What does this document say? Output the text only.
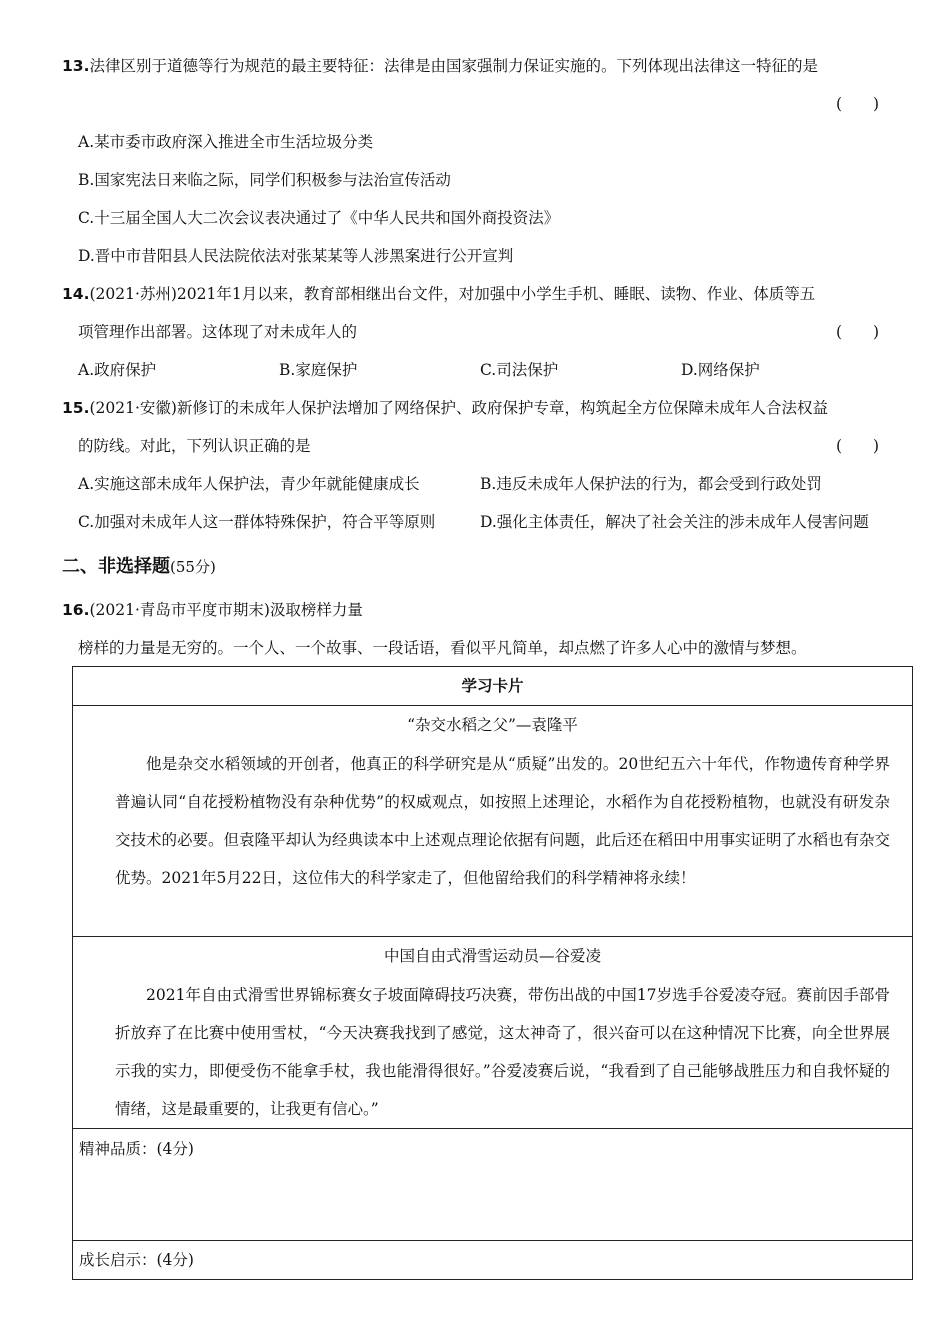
13.法律区别于道德等行为规范的最主要特征：法律是由国家强制力保证实施的。下列体现出法律这一特征的是
(　　)
A.某市委市政府深入推进全市生活垃圾分类
B.国家宪法日来临之际，同学们积极参与法治宣传活动
C.十三届全国人大二次会议表决通过了《中华人民共和国外商投资法》
D.晋中市昔阳县人民法院依法对张某某等人涉黑案进行公开宣判
14.(2021·苏州)2021年1月以来，教育部相继出台文件，对加强中小学生手机、睡眠、读物、作业、体质等五
项管理作出部署。这体现了对未成年人的	(　　)
A.政府保护	B.家庭保护	C.司法保护	D.网络保护
15.(2021·安徽)新修订的未成年人保护法增加了网络保护、政府保护专章，构筑起全方位保障未成年人合法权益
的防线。对此，下列认识正确的是	(　　)
A.实施这部未成年人保护法，青少年就能健康成长	B.违反未成年人保护法的行为，都会受到行政处罚
C.加强对未成年人这一群体特殊保护，符合平等原则	D.强化主体责任，解决了社会关注的涉未成年人侵害问题
二、非选择题(55分)
16.(2021·青岛市平度市期末)汲取榜样力量
榜样的力量是无穷的。一个人、一个故事、一段话语，看似平凡简单，却点燃了许多人心中的激情与梦想。
学习卡片
“杂交水稻之父”—袁隆平
他是杂交水稻领域的开创者，他真正的科学研究是从“质疑”出发的。20世纪五六十年代，作物遗传育种学界普遍认同“自花授粉植物没有杂种优势”的权威观点，如按照上述理论，水稻作为自花授粉植物，也就没有研发杂交技术的必要。但袁隆平却认为经典读本中上述观点理论依据有问题，此后还在稻田中用事实证明了水稻也有杂交优势。2021年5月22日，这位伟大的科学家走了，但他留给我们的科学精神将永续！
中国自由式滑雪运动员—谷爱凌
2021年自由式滑雪世界锦标赛女子坡面障碍技巧决赛，带伤出战的中国17岁选手谷爱凌夺冠。赛前因手部骨折放弃了在比赛中使用雪杖，“今天决赛我找到了感觉，这太神奇了，很兴奋可以在这种情况下比赛，向全世界展示我的实力，即便受伤不能拿手杖，我也能滑得很好。”谷爱凌赛后说，“我看到了自己能够战胜压力和自我怀疑的情绪，这是最重要的，让我更有信心。”
精神品质：(4分)
成长启示：(4分)
